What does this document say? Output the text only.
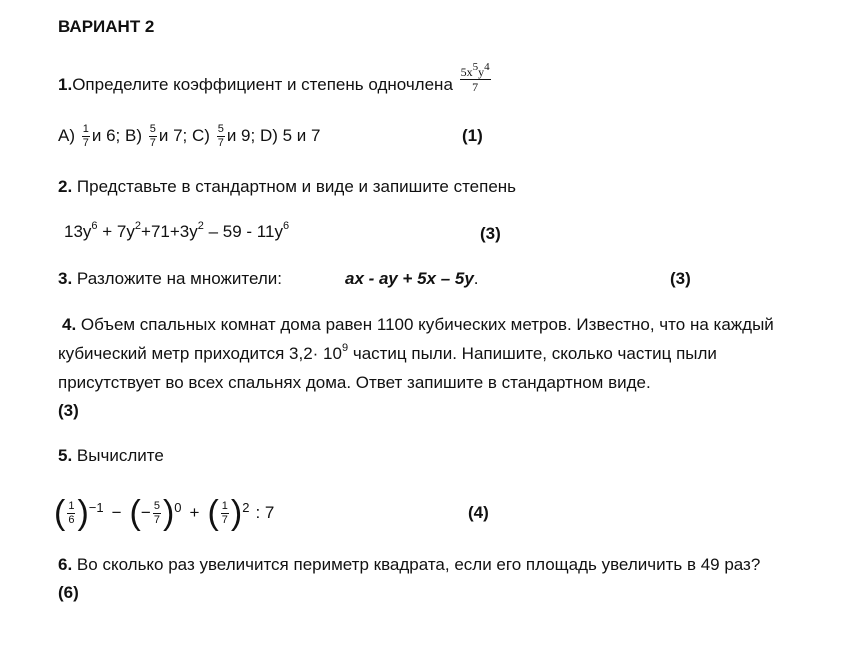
ВАРИАНТ 2
1.Определите коэффициент и степень одночлена $\frac{5x^5y^4}{7}$
$А) \frac{1}{7}$ и 6; $В) \frac{5}{7}$ и 7; $С) \frac{5}{7}$ и 9; D) 5 и 7	(1)
2. Представьте в стандартном и виде и запишите степень
$13y^6 + 7y^2+71+3y^2 - 59 - 11y^6$	(3)
3. Разложите на множители:	ах - ау + 5х – 5у.	(3)
4. Объем спальных комнат дома равен 1100 кубических метров. Известно, что на каждый
кубический метр приходится $3,2\cdot 10^9$ частиц пыли. Напишите, сколько частиц пыли
присутствует во всех спальнях дома. Ответ запишите в стандартном виде.
(3)
5. Вычислите
( $\frac{1}{6}$ ) −1 − ( − $\frac{5}{7}$ ) 0 + ( $\frac{1}{7}$ ) 2 : 7	(4)
6. Во сколько раз увеличится периметр квадрата, если его площадь увеличить в 49 раз?
(6)
